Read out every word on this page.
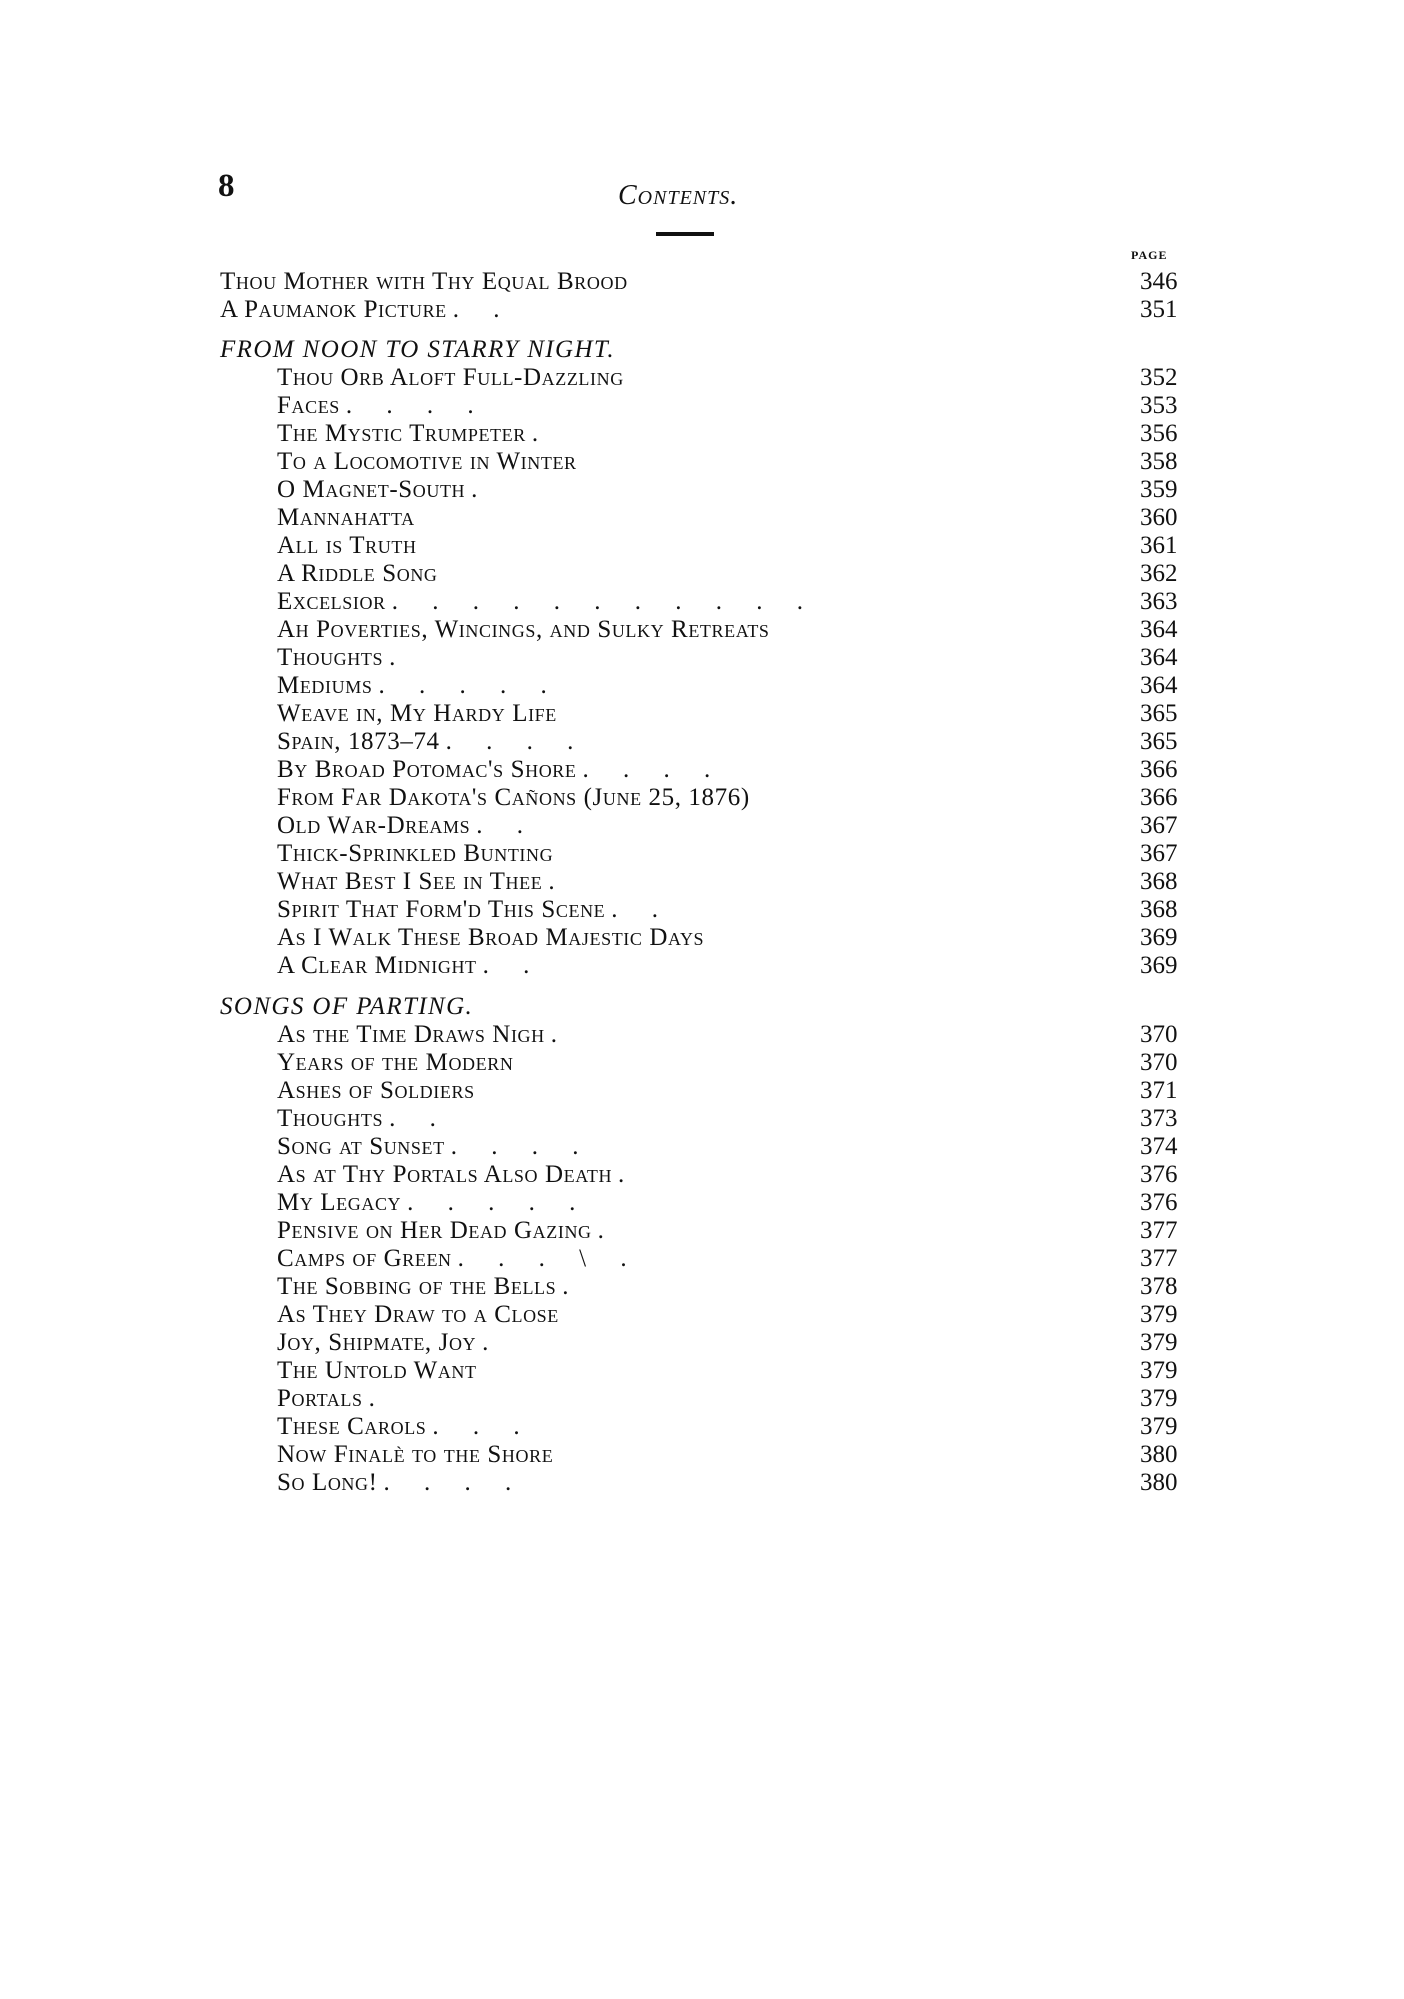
8	Contents.
PAGE
Thou Mother with Thy Equal Brood	346
A Paumanok Picture . .	351
FROM NOON TO STARRY NIGHT.
Thou Orb Aloft Full-Dazzling	352
Faces . . . .	353
The Mystic Trumpeter .	356
To a Locomotive in Winter	358
O Magnet-South .	359
Mannahatta	360
All is Truth	361
A Riddle Song	362
Excelsior . . . . . . . . . . .	363
Ah Poverties, Wincings, and Sulky Retreats	364
Thoughts .	364
Mediums . . . . .	364
Weave in, My Hardy Life	365
Spain, 1873–74 . . . .	365
By Broad Potomac's Shore . . . .	366
From Far Dakota's Cañons (June 25, 1876)	366
Old War-Dreams . .	367
Thick-Sprinkled Bunting	367
What Best I See in Thee .	368
Spirit That Form'd This Scene . .	368
As I Walk These Broad Majestic Days	369
A Clear Midnight . .	369
SONGS OF PARTING.
As the Time Draws Nigh .	370
Years of the Modern	370
Ashes of Soldiers	371
Thoughts . .	373
Song at Sunset . . . .	374
As at Thy Portals Also Death .	376
My Legacy . . . . .	376
Pensive on Her Dead Gazing .	377
Camps of Green . . . \ .	377
The Sobbing of the Bells .	378
As They Draw to a Close	379
Joy, Shipmate, Joy .	379
The Untold Want	379
Portals .	379
These Carols . . .	379
Now Finalè to the Shore	380
So Long! . . . .	380
